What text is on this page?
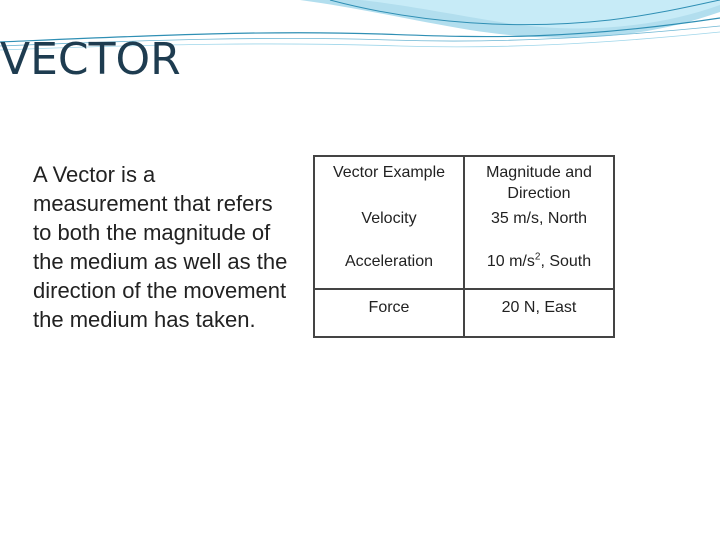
VECTOR
A Vector is a measurement that refers to both the magnitude of the medium as well as the direction of the movement the medium has taken.
Vector Example	Magnitude and Direction
Velocity	35 m/s, North
Acceleration	10 $m/s^2$, South
Force	20 N, East
